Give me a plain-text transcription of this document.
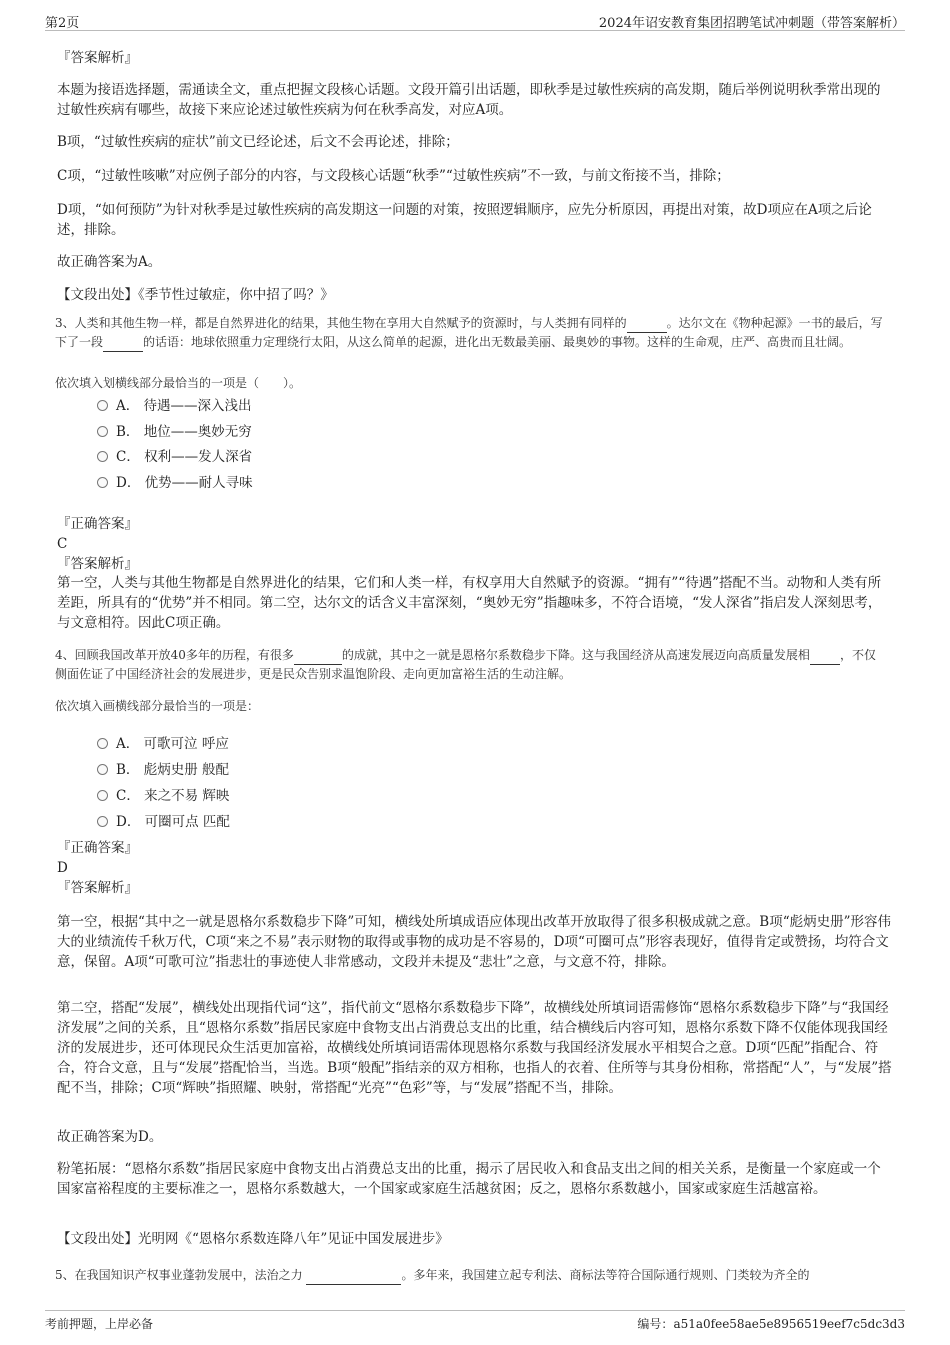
第2页	2024年诏安教育集团招聘笔试冲刺题（带答案解析）

『答案解析』

本题为接语选择题，需通读全文，重点把握文段核心话题。文段开篇引出话题，即秋季是过敏性疾病的高发期，随后举例说明秋季常出现的过敏性疾病有哪些，故接下来应论述过敏性疾病为何在秋季高发，对应A项。

B项，“过敏性疾病的症状”前文已经论述，后文不会再论述，排除；

C项，“过敏性咳嗽”对应例子部分的内容，与文段核心话题“秋季”“过敏性疾病”不一致，与前文衔接不当，排除；

D项，“如何预防”为针对秋季是过敏性疾病的高发期这一问题的对策，按照逻辑顺序，应先分析原因，再提出对策，故D项应在A项之后论述，排除。

故正确答案为A。

【文段出处】《季节性过敏症，你中招了吗？》

3、人类和其他生物一样，都是自然界进化的结果，其他生物在享用大自然赋予的资源时，与人类拥有同样的	。达尔文在《物种起源》一书的最后，写下了一段	的话语：地球依照重力定理绕行太阳，从这么简单的起源，进化出无数最美丽、最奥妙的事物。这样的生命观，庄严、高贵而且壮阔。

依次填入划横线部分最恰当的一项是（　　）。

A． 待遇——深入浅出
B． 地位——奥妙无穷
C． 权利——发人深省
D． 优势——耐人寻味

『正确答案』

C

『答案解析』

第一空，人类与其他生物都是自然界进化的结果，它们和人类一样，有权享用大自然赋予的资源。“拥有”“待遇”搭配不当。动物和人类有所差距，所具有的“优势”并不相同。第二空，达尔文的话含义丰富深刻，“奥妙无穷”指趣味多，不符合语境，“发人深省”指启发人深刻思考，与文意相符。因此C项正确。

4、回顾我国改革开放40多年的历程，有很多	的成就，其中之一就是恩格尔系数稳步下降。这与我国经济从高速发展迈向高质量发展相	，不仅侧面佐证了中国经济社会的发展进步，更是民众告别求温饱阶段、走向更加富裕生活的生动注解。

依次填入画横线部分最恰当的一项是：

A． 可歌可泣 呼应
B． 彪炳史册 般配
C． 来之不易 辉映
D． 可圈可点 匹配

『正确答案』

D

『答案解析』

第一空，根据“其中之一就是恩格尔系数稳步下降”可知，横线处所填成语应体现出改革开放取得了很多积极成就之意。B项“彪炳史册”形容伟大的业绩流传千秋万代，C项“来之不易”表示财物的取得或事物的成功是不容易的，D项“可圈可点”形容表现好，值得肯定或赞扬，均符合文意，保留。A项“可歌可泣”指悲壮的事迹使人非常感动，文段并未提及“悲壮”之意，与文意不符，排除。

第二空，搭配“发展”，横线处出现指代词“这”，指代前文“恩格尔系数稳步下降”，故横线处所填词语需修饰“恩格尔系数稳步下降”与“我国经济发展”之间的关系，且“恩格尔系数”指居民家庭中食物支出占消费总支出的比重，结合横线后内容可知，恩格尔系数下降不仅能体现我国经济的发展进步，还可体现民众生活更加富裕，故横线处所填词语需体现恩格尔系数与我国经济发展水平相契合之意。D项“匹配”指配合、符合，符合文意，且与“发展”搭配恰当，当选。B项“般配”指结亲的双方相称，也指人的衣着、住所等与其身份相称，常搭配“人”，与“发展”搭配不当，排除；C项“辉映”指照耀、映射，常搭配“光亮”“色彩”等，与“发展”搭配不当，排除。

故正确答案为D。

粉笔拓展：“恩格尔系数”指居民家庭中食物支出占消费总支出的比重，揭示了居民收入和食品支出之间的相关关系，是衡量一个家庭或一个国家富裕程度的主要标准之一，恩格尔系数越大，一个国家或家庭生活越贫困；反之，恩格尔系数越小，国家或家庭生活越富裕。

【文段出处】光明网《“恩格尔系数连降八年”见证中国发展进步》

5、在我国知识产权事业蓬勃发展中，法治之力	。多年来，我国建立起专利法、商标法等符合国际通行规则、门类较为齐全的

考前押题，上岸必备	编号：a51a0fee58ae5e8956519eef7c5dc3d3
